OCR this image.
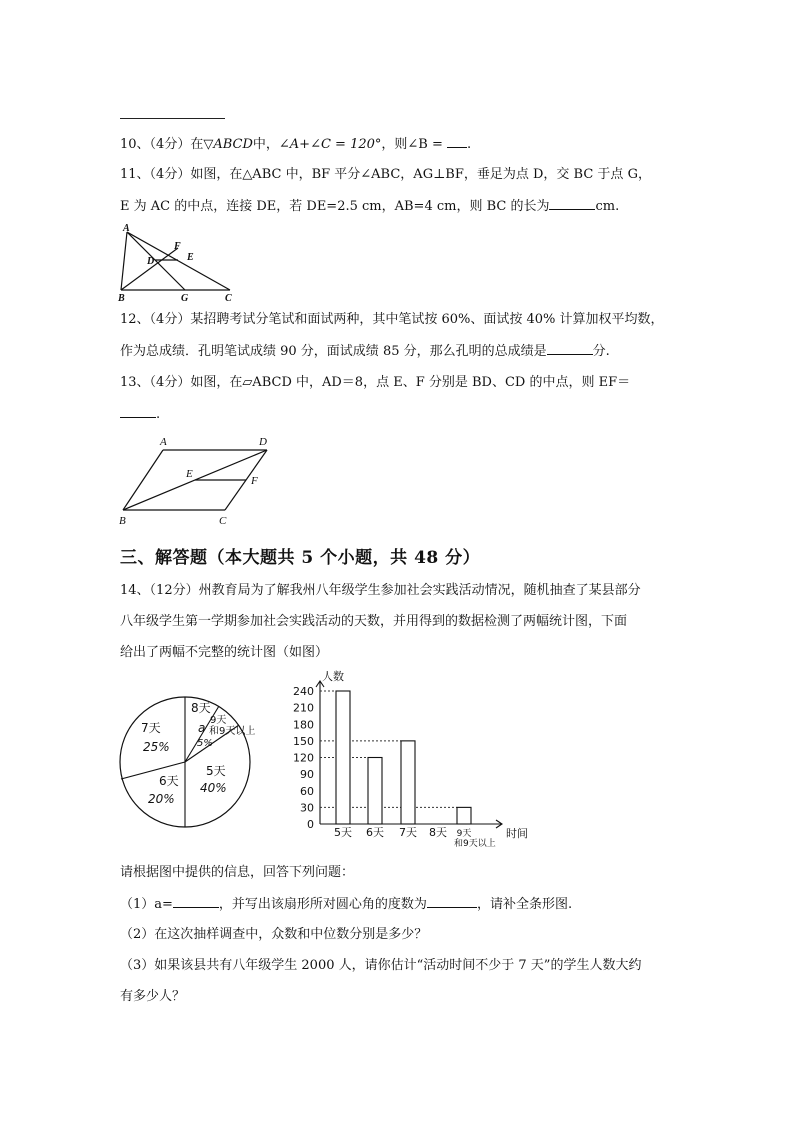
10、（4分）在▽ABCD中，∠A+∠C = 120°，则∠B = .
11、（4分）如图，在△ABC 中，BF 平分∠ABC，AG⊥BF，垂足为点 D，交 BC 于点 G，
E 为 AC 的中点，连接 DE，若 DE=2.5 cm，AB=4 cm，则 BC 的长为	cm.
A
F
E
D
B	G	C
12、（4分）某招聘考试分笔试和面试两种，其中笔试按 60%、面试按 40% 计算加权平均数，
作为总成绩．孔明笔试成绩 90 分，面试成绩 85 分，那么孔明的总成绩是	分.
13、（4分）如图，在▱ABCD 中，AD＝8，点 E、F 分别是 BD、CD 的中点，则 EF＝
.
A	D
E
F
B	C
三、解答题（本大题共 5 个小题，共 48 分）
14、（12分）州教育局为了解我州八年级学生参加社会实践活动情况，随机抽查了某县部分
八年级学生第一学期参加社会实践活动的天数，并用得到的数据检测了两幅统计图，下面
给出了两幅不完整的统计图（如图）
7天
25%
8天
a
6天
20%
5天
40%
9天
和9天以上
5%
0
30
60
90
120
150
180
210
240
5天 6天 7天 8天 9天
人数
时间
和9天以上
请根据图中提供的信息，回答下列问题：
（1）a=	，并写出该扇形所对圆心角的度数为	，请补全条形图.
（2）在这次抽样调查中，众数和中位数分别是多少？
（3）如果该县共有八年级学生 2000 人，请你估计“活动时间不少于 7 天”的学生人数大约
有多少人？
